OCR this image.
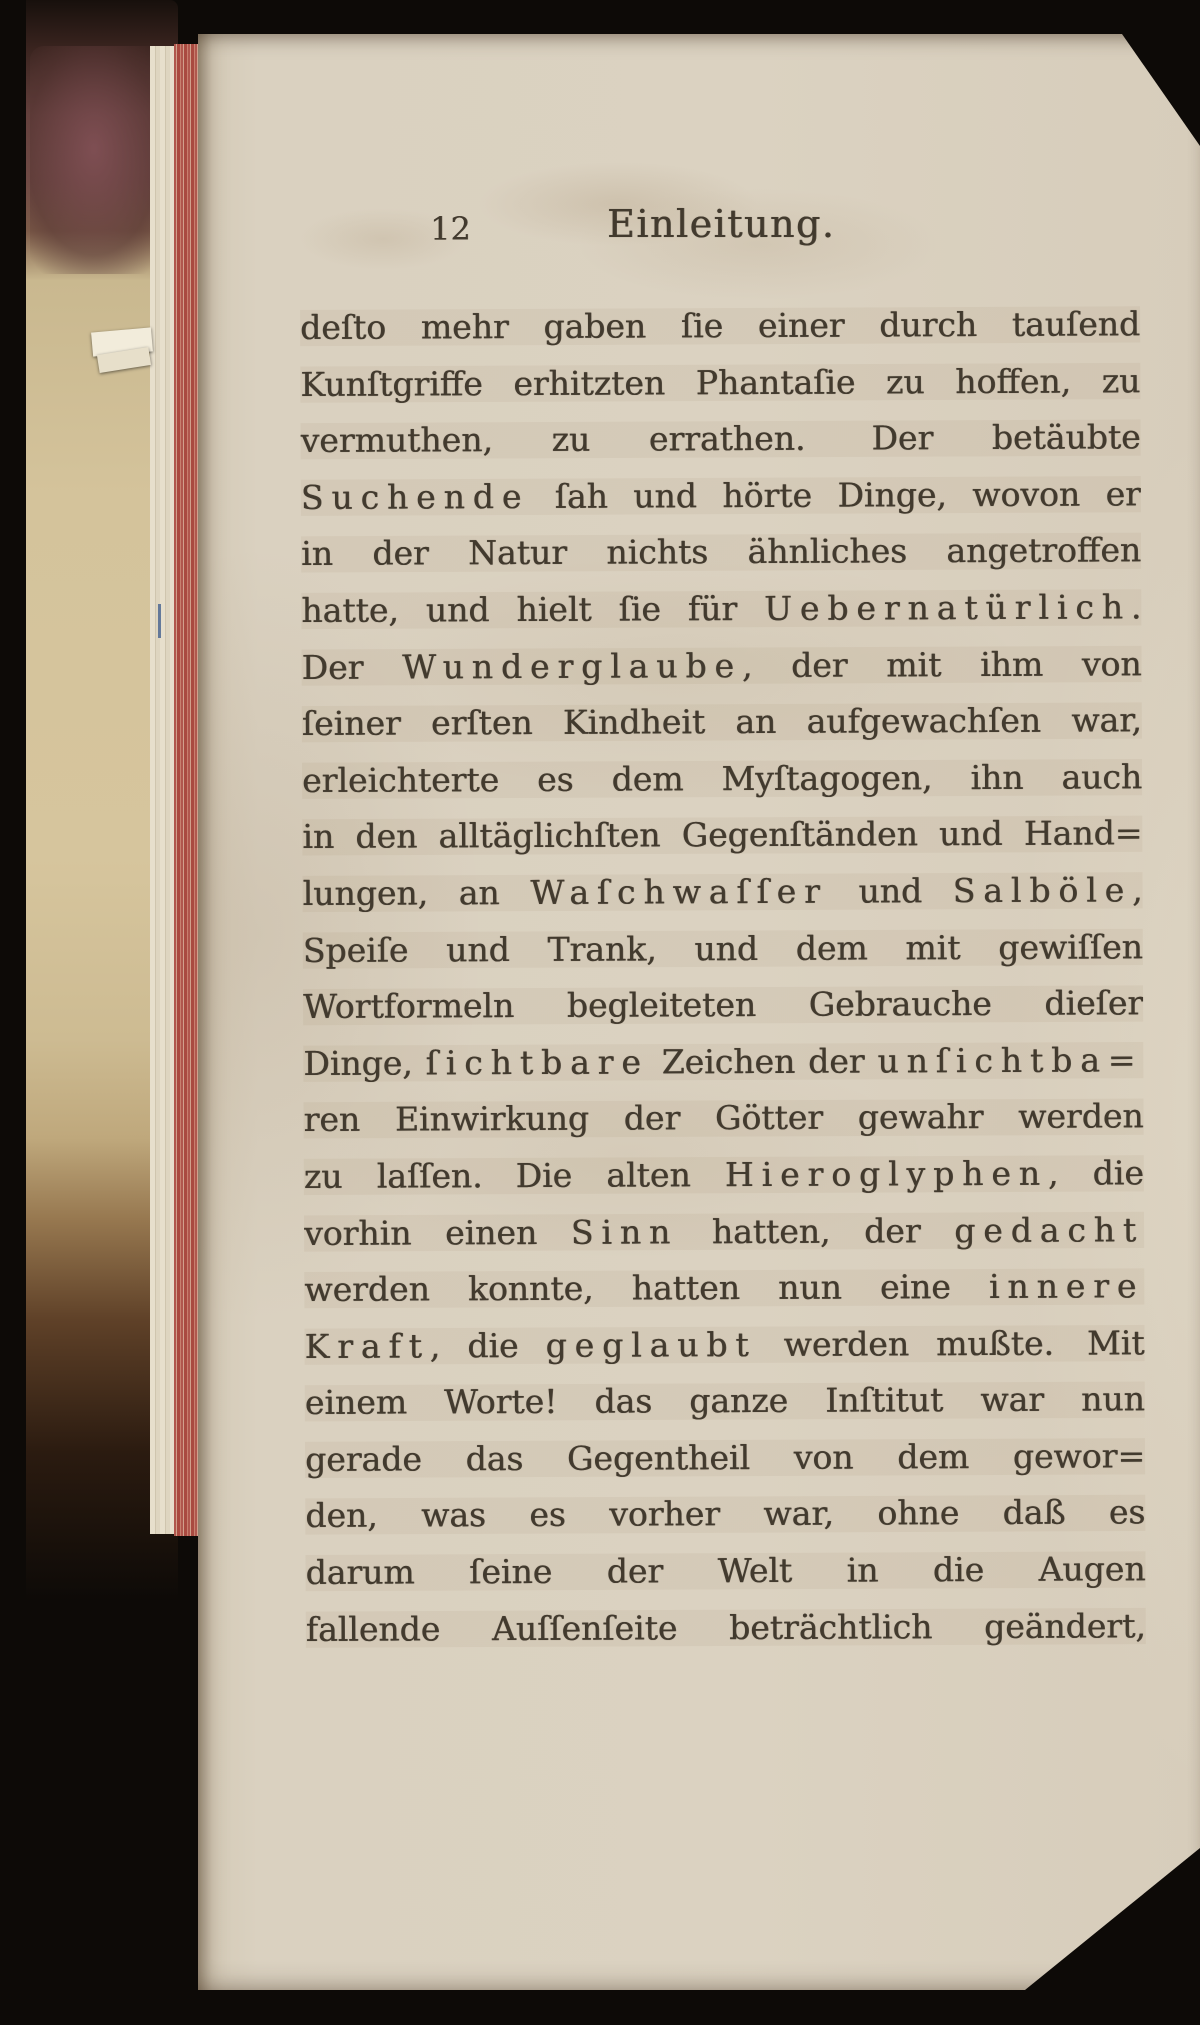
12	Einleitung.
deſto mehr gaben ſie einer durch tauſend
Kunſtgriffe erhitzten Phantaſie zu hoffen, zu
vermuthen, zu errathen.  Der betäubte
Suchende ſah und hörte Dinge, wovon er
in der Natur nichts ähnliches angetroffen
hatte, und hielt ſie für Uebernatürlich.
Der Wunderglaube, der mit ihm von
ſeiner erſten Kindheit an aufgewachſen war,
erleichterte es dem Myſtagogen, ihn auch
in den alltäglichſten Gegenſtänden und Hand=
lungen, an Waſchwaſſer und Salböle,
Speiſe und Trank, und dem mit gewiſſen
Wortformeln begleiteten Gebrauche dieſer
Dinge, ſichtbare Zeichen der unſichtba=
ren Einwirkung der Götter gewahr werden
zu laſſen. Die alten Hieroglyphen, die
vorhin einen Sinn hatten, der gedacht
werden konnte, hatten nun eine innere
Kraft, die geglaubt werden mußte. Mit
einem Worte! das ganze Inſtitut war nun
gerade das Gegentheil von dem gewor=
den, was es vorher war, ohne daß es
darum ſeine der Welt in die Augen
fallende Auſſenſeite beträchtlich geändert,
